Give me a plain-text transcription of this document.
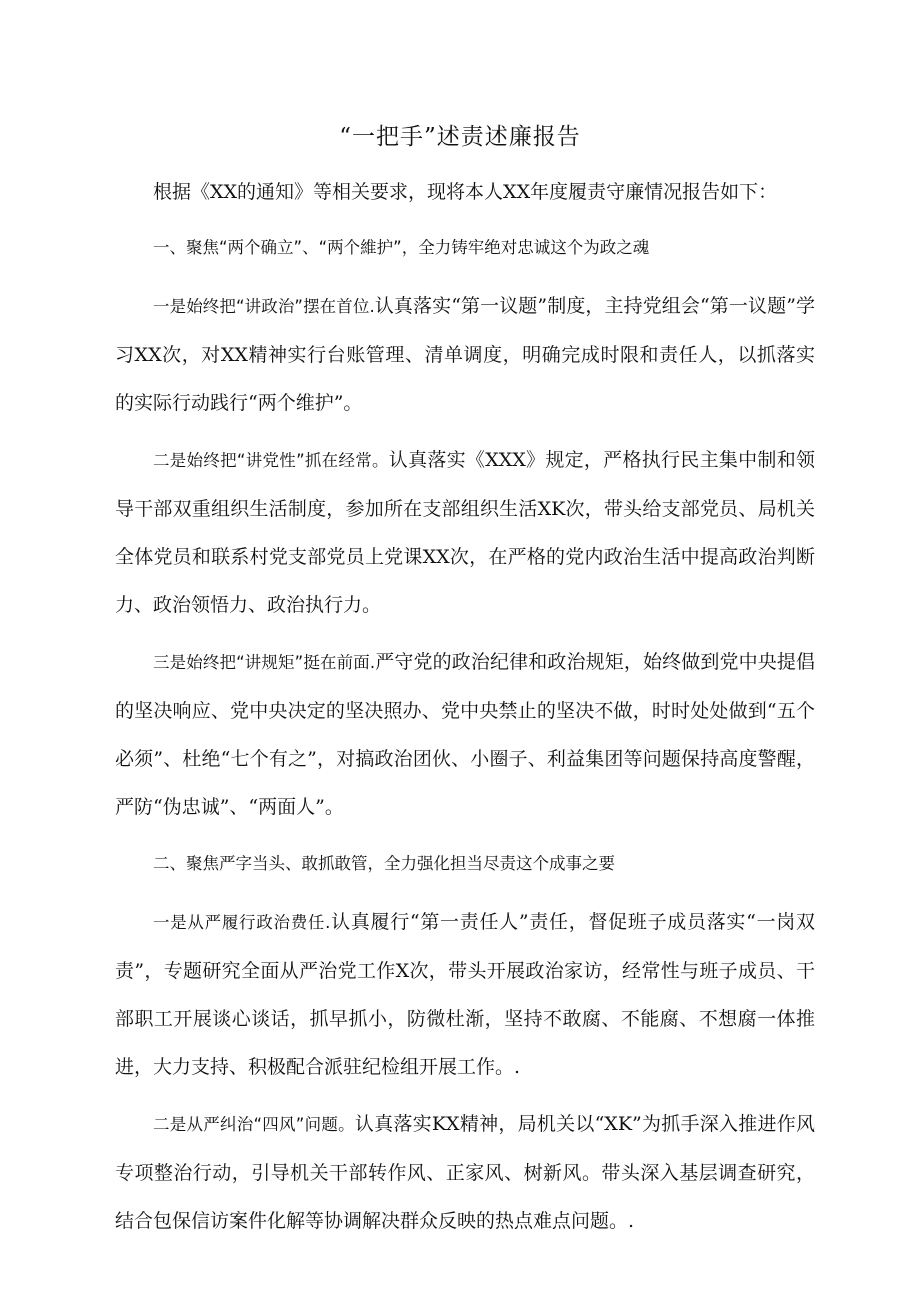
“一把手”述责述廉报告

根据《XX的通知》等相关要求，现将本人XX年度履责守廉情况报告如下：

一、聚焦“两个确立”、“两个維护”，全力铸牢绝对忠诚这个为政之魂

一是始终把“讲政治”摆在首位.认真落实“第一议题”制度，主持党组会“第一议题”学习XX次，对XX精神实行台账管理、清单调度，明确完成时限和责任人，以抓落实的实际行动践行“两个维护”。

二是始终把“讲党性”抓在经常。认真落实《XXX》规定，严格执行民主集中制和领导干部双重组织生活制度，参加所在支部组织生活XK次，带头给支部党员、局机关全体党员和联系村党支部党员上党课XX次，在严格的党内政治生活中提高政治判断力、政治领悟力、政治执行力。

三是始终把“讲规矩”挺在前面.严守党的政治纪律和政治规矩，始终做到党中央提倡的坚决响应、党中央决定的坚决照办、党中央禁止的坚决不做，时时处处做到“五个必须”、杜绝“七个有之”，对搞政治团伙、小圈子、利益集团等问题保持高度警醒，严防“伪忠诚”、“两面人”。

二、聚焦严字当头、敢抓敢管，全力强化担当尽责这个成事之要

一是从严履行政治费任.认真履行“第一责任人”责任，督促班子成员落实“一岗双责”，专题研究全面从严治党工作X次，带头开展政治家访，经常性与班子成员、干部职工开展谈心谈话，抓早抓小，防微杜渐，坚持不敢腐、不能腐、不想腐一体推进，大力支持、积极配合派驻纪检组开展工作。.

二是从严纠治“四风”问题。认真落实KX精神，局机关以“XK”为抓手深入推进作风专项整治行动，引导机关干部转作风、正家风、树新风。带头深入基层调查研究，结合包保信访案件化解等协调解决群众反映的热点难点问题。.
